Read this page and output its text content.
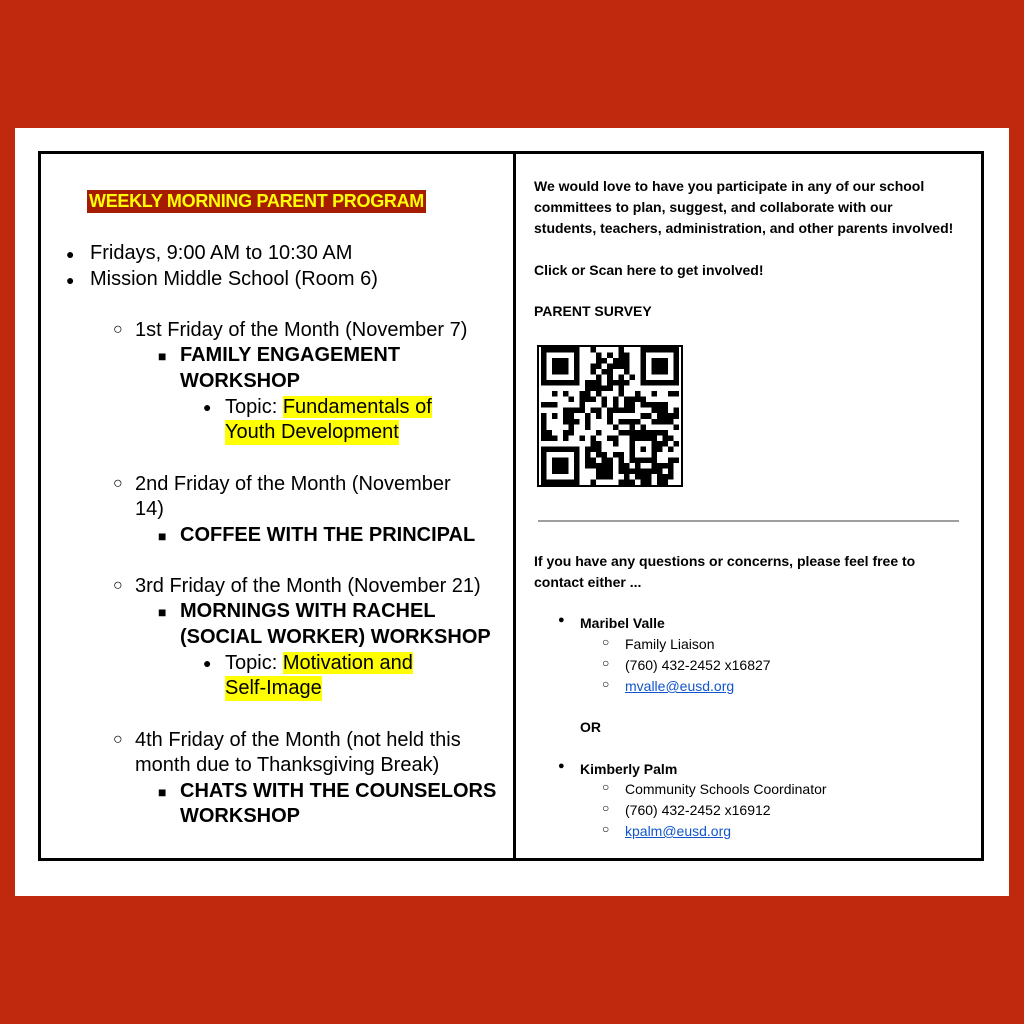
WEEKLY MORNING PARENT PROGRAM
● Fridays, 9:00 AM to 10:30 AM
● Mission Middle School (Room 6)
○ 1st Friday of the Month (November 7)
■ FAMILY ENGAGEMENT
WORKSHOP
● Topic: Fundamentals of
Youth Development
○ 2nd Friday of the Month (November
14)
■ COFFEE WITH THE PRINCIPAL
○ 3rd Friday of the Month (November 21)
■ MORNINGS WITH RACHEL
(SOCIAL WORKER) WORKSHOP
● Topic: Motivation and
Self-Image
○ 4th Friday of the Month (not held this
month due to Thanksgiving Break)
■ CHATS WITH THE COUNSELORS
WORKSHOP
We would love to have you participate in any of our school
committees to plan, suggest, and collaborate with our
students, teachers, administration, and other parents involved!
Click or Scan here to get involved!
PARENT SURVEY
If you have any questions or concerns, please feel free to
contact either ...
● Maribel Valle
○ Family Liaison
○ (760) 432-2452 x16827
○ mvalle@eusd.org
OR
● Kimberly Palm
○ Community Schools Coordinator
○ (760) 432-2452 x16912
○ kpalm@eusd.org
